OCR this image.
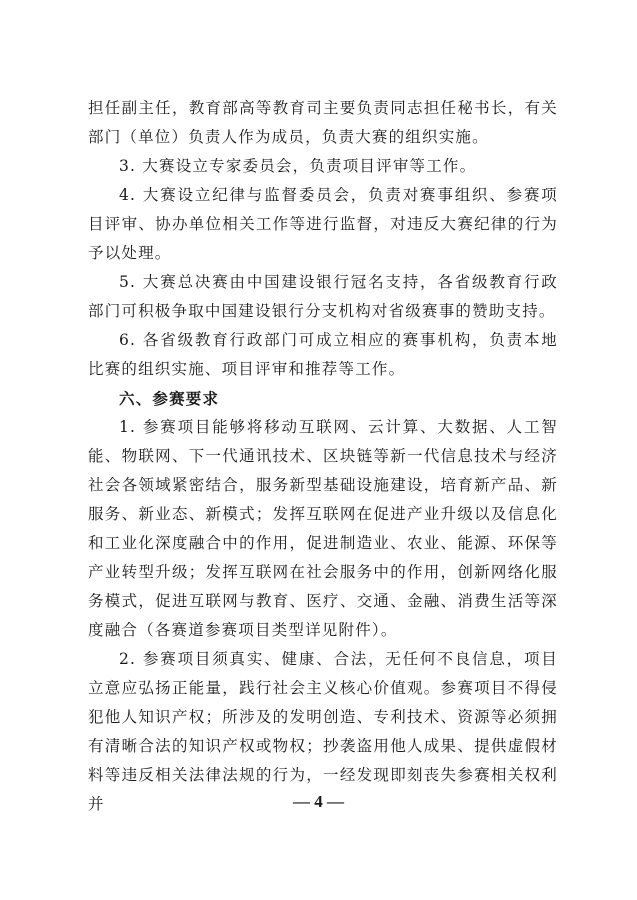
担任副主任，教育部高等教育司主要负责同志担任秘书长，有关部门（单位）负责人作为成员，负责大赛的组织实施。

3. 大赛设立专家委员会，负责项目评审等工作。

4. 大赛设立纪律与监督委员会，负责对赛事组织、参赛项目评审、协办单位相关工作等进行监督，对违反大赛纪律的行为予以处理。

5. 大赛总决赛由中国建设银行冠名支持，各省级教育行政部门可积极争取中国建设银行分支机构对省级赛事的赞助支持。

6. 各省级教育行政部门可成立相应的赛事机构，负责本地比赛的组织实施、项目评审和推荐等工作。

六、参赛要求

1. 参赛项目能够将移动互联网、云计算、大数据、人工智能、物联网、下一代通讯技术、区块链等新一代信息技术与经济社会各领域紧密结合，服务新型基础设施建设，培育新产品、新服务、新业态、新模式；发挥互联网在促进产业升级以及信息化和工业化深度融合中的作用，促进制造业、农业、能源、环保等产业转型升级；发挥互联网在社会服务中的作用，创新网络化服务模式，促进互联网与教育、医疗、交通、金融、消费生活等深度融合（各赛道参赛项目类型详见附件）。

2. 参赛项目须真实、健康、合法，无任何不良信息，项目立意应弘扬正能量，践行社会主义核心价值观。参赛项目不得侵犯他人知识产权；所涉及的发明创造、专利技术、资源等必须拥有清晰合法的知识产权或物权；抄袭盗用他人成果、提供虚假材料等违反相关法律法规的行为，一经发现即刻丧失参赛相关权利并	— 4 —
